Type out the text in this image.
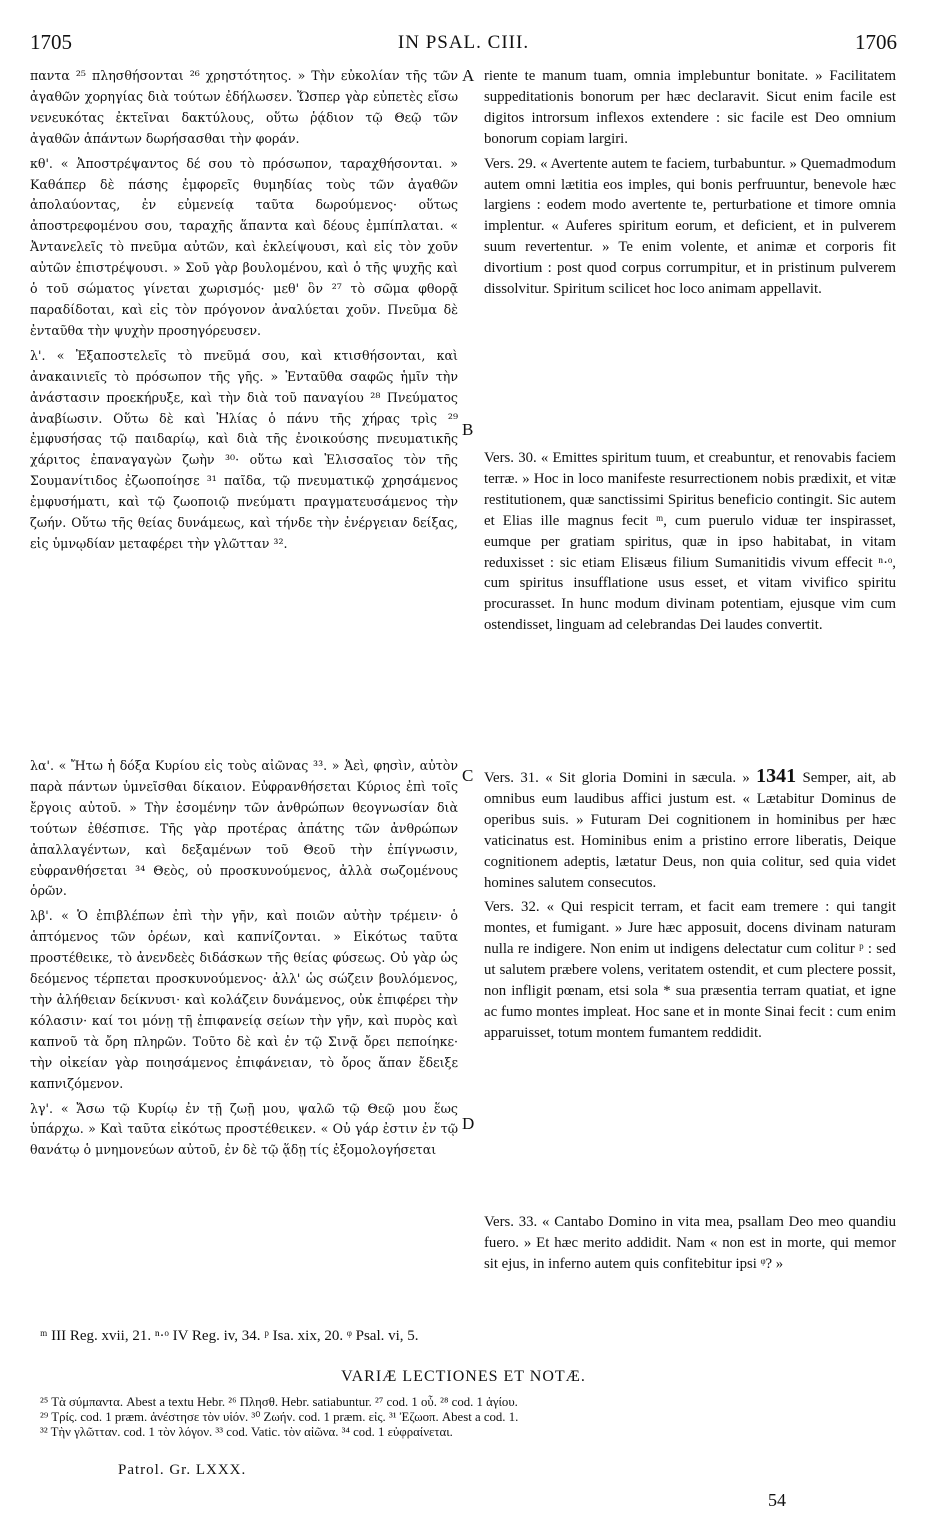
1705	IN PSAL. CIII.	1706

παντα ²⁵ πλησθήσονται ²⁶ χρηστότητος. » Τὴν εὐκολίαν τῆς τῶν ἀγαθῶν χορηγίας διὰ τούτων ἐδήλωσεν. Ὥσπερ γὰρ εὐπετὲς εἴσω νενευκότας ἐκτεῖναι δακτύλους, οὕτω ῥᾴδιον τῷ Θεῷ τῶν ἀγαθῶν ἁπάντων δωρήσασθαι τὴν φοράν.

κθ'. « Ἀποστρέψαντος δέ σου τὸ πρόσωπον, ταραχθήσονται. » Καθάπερ δὲ πάσης ἐμφορεῖς θυμηδίας τοὺς τῶν ἀγαθῶν ἀπολαύοντας, ἐν εὐμενείᾳ ταῦτα δωρούμενος· οὕτως ἀποστρεφομένου σου, ταραχῆς ἅπαντα καὶ δέους ἐμπίπλαται. « Ἀντανελεῖς τὸ πνεῦμα αὐτῶν, καὶ ἐκλείψουσι, καὶ εἰς τὸν χοῦν αὐτῶν ἐπιστρέψουσι. » Σοῦ γὰρ βουλομένου, καὶ ὁ τῆς ψυχῆς καὶ ὁ τοῦ σώματος γίνεται χωρισμός· μεθ' ὃν ²⁷ τὸ σῶμα φθορᾷ παραδίδοται, καὶ εἰς τὸν πρόγονον ἀναλύεται χοῦν. Πνεῦμα δὲ ἐνταῦθα τὴν ψυχὴν προσηγόρευσεν.

λ'. « Ἐξαποστελεῖς τὸ πνεῦμά σου, καὶ κτισθήσονται, καὶ ἀνακαινιεῖς τὸ πρόσωπον τῆς γῆς. » Ἐνταῦθα σαφῶς ἡμῖν τὴν ἀνάστασιν προεκήρυξε, καὶ τὴν διὰ τοῦ παναγίου ²⁸ Πνεύματος ἀναβίωσιν. Οὕτω δὲ καὶ Ἠλίας ὁ πάνυ τῆς χήρας τρὶς ²⁹ ἐμφυσήσας τῷ παιδαρίῳ, καὶ διὰ τῆς ἐνοικούσης πνευματικῆς χάριτος ἐπαναγαγὼν ζωὴν ³⁰· οὕτω καὶ Ἐλισσαῖος τὸν τῆς Σουμανίτιδος ἐζωοποίησε ³¹ παῖδα, τῷ πνευματικῷ χρησάμενος ἐμφυσήματι, καὶ τῷ ζωοποιῷ πνεύματι πραγματευσάμενος τὴν ζωήν. Οὕτω τῆς θείας δυνάμεως, καὶ τήνδε τὴν ἐνέργειαν δείξας, εἰς ὑμνῳδίαν μεταφέρει τὴν γλῶτταν ³².

λα'. « Ἤτω ἡ δόξα Κυρίου εἰς τοὺς αἰῶνας ³³. » Ἀεὶ, φησὶν, αὐτὸν παρὰ πάντων ὑμνεῖσθαι δίκαιον. Εὐφρανθήσεται Κύριος ἐπὶ τοῖς ἔργοις αὐτοῦ. » Τὴν ἐσομένην τῶν ἀνθρώπων θεογνωσίαν διὰ τούτων ἐθέσπισε. Τῆς γὰρ προτέρας ἀπάτης τῶν ἀνθρώπων ἀπαλλαγέντων, καὶ δεξαμένων τοῦ Θεοῦ τὴν ἐπίγνωσιν, εὐφρανθήσεται ³⁴ Θεὸς, οὐ προσκυνούμενος, ἀλλὰ σωζομένους ὁρῶν.

λβ'. « Ὁ ἐπιβλέπων ἐπὶ τὴν γῆν, καὶ ποιῶν αὐτὴν τρέμειν· ὁ ἁπτόμενος τῶν ὀρέων, καὶ καπνίζονται. » Εἰκότως ταῦτα προστέθεικε, τὸ ἀνενδεὲς διδάσκων τῆς θείας φύσεως. Οὐ γὰρ ὡς δεόμενος τέρπεται προσκυνούμενος· ἀλλ' ὡς σώζειν βουλόμενος, τὴν ἀλήθειαν δείκνυσι· καὶ κολάζειν δυνάμενος, οὐκ ἐπιφέρει τὴν κόλασιν· καί τοι μόνῃ τῇ ἐπιφανείᾳ σείων τὴν γῆν, καὶ πυρὸς καὶ καπνοῦ τὰ ὄρη πληρῶν. Τοῦτο δὲ καὶ ἐν τῷ Σινᾷ ὄρει πεποίηκε· τὴν οἰκείαν γὰρ ποιησάμενος ἐπιφάνειαν, τὸ ὄρος ἅπαν ἔδειξε καπνιζόμενον.

λγ'. « Ἄσω τῷ Κυρίῳ ἐν τῇ ζωῇ μου, ψαλῶ τῷ Θεῷ μου ἕως ὑπάρχω. » Καὶ ταῦτα εἰκότως προστέθεικεν. « Οὐ γάρ ἐστιν ἐν τῷ θανάτῳ ὁ μνημονεύων αὐτοῦ, ἐν δὲ τῷ ᾅδῃ τίς ἐξομολογήσεται

A
B
C
D

riente te manum tuam, omnia implebuntur bonitate. » Facilitatem suppeditationis bonorum per hæc declaravit. Sicut enim facile est digitos introrsum inflexos extendere : sic facile est Deo omnium bonorum copiam largiri.

Vers. 29. « Avertente autem te faciem, turbabuntur. » Quemadmodum autem omni lætitia eos imples, qui bonis perfruuntur, benevole hæc largiens : eodem modo avertente te, perturbatione et timore omnia implentur. « Auferes spiritum eorum, et deficient, et in pulverem suum revertentur. » Te enim volente, et animæ et corporis fit divortium : post quod corpus corrumpitur, et in pristinum pulverem dissolvitur. Spiritum scilicet hoc loco animam appellavit.

Vers. 30. « Emittes spiritum tuum, et creabuntur, et renovabis faciem terræ. » Hoc in loco manifeste resurrectionem nobis prædixit, et vitæ restitutionem, quæ sanctissimi Spiritus beneficio contingit. Sic autem et Elias ille magnus fecit ᵐ, cum puerulo viduæ ter inspirasset, eumque per gratiam spiritus, quæ in ipso habitabat, in vitam reduxisset : sic etiam Elisæus filium Sumanitidis vivum effecit ⁿ·ᵒ, cum spiritus insufflatione usus esset, et vitam vivifico spiritu procurasset. In hunc modum divinam potentiam, ejusque vim cum ostendisset, linguam ad celebrandas Dei laudes convertit.

Vers. 31. « Sit gloria Domini in sæcula. » 1341 Semper, ait, ab omnibus eum laudibus affici justum est. « Lætabitur Dominus de operibus suis. » Futuram Dei cognitionem in hominibus per hæc vaticinatus est. Hominibus enim a pristino errore liberatis, Deique cognitionem adeptis, lætatur Deus, non quia colitur, sed quia videt homines salutem consecutos.

Vers. 32. « Qui respicit terram, et facit eam tremere : qui tangit montes, et fumigant. » Jure hæc apposuit, docens divinam naturam nulla re indigere. Non enim ut indigens delectatur cum colitur ᵖ : sed ut salutem præbere volens, veritatem ostendit, et cum plectere possit, non infligit pœnam, etsi sola * sua præsentia terram quatiat, et igne ac fumo montes impleat. Hoc sane et in monte Sinai fecit : cum enim apparuisset, totum montem fumantem reddidit.

Vers. 33. « Cantabo Domino in vita mea, psallam Deo meo quandiu fuero. » Et hæc merito addidit. Nam « non est in morte, qui memor sit ejus, in inferno autem quis confitebitur ipsi ᵠ? »

ᵐ III Reg. xvii, 21. ⁿ·ᵒ IV Reg. iv, 34. ᵖ Isa. xix, 20. ᵠ Psal. vi, 5.
VARIÆ LECTIONES ET NOTÆ.

²⁵ Τὰ σύμπαντα. Abest a textu Hebr. ²⁶ Πλησθ. Hebr. satiabuntur. ²⁷ cod. 1 οὗ. ²⁸ cod. 1 ἁγίου.

²⁹ Τρίς. cod. 1 præm. ἀνέστησε τὸν υἱόν. ³⁰ Ζωήν. cod. 1 præm. εἰς. ³¹ Ἐζωοπ. Abest a cod. 1.

³² Τὴν γλῶτταν. cod. 1 τὸν λόγον. ³³ cod. Vatic. τὸν αἰῶνα. ³⁴ cod. 1 εὐφραίνεται.

Patrol. Gr. LXXX.
54
